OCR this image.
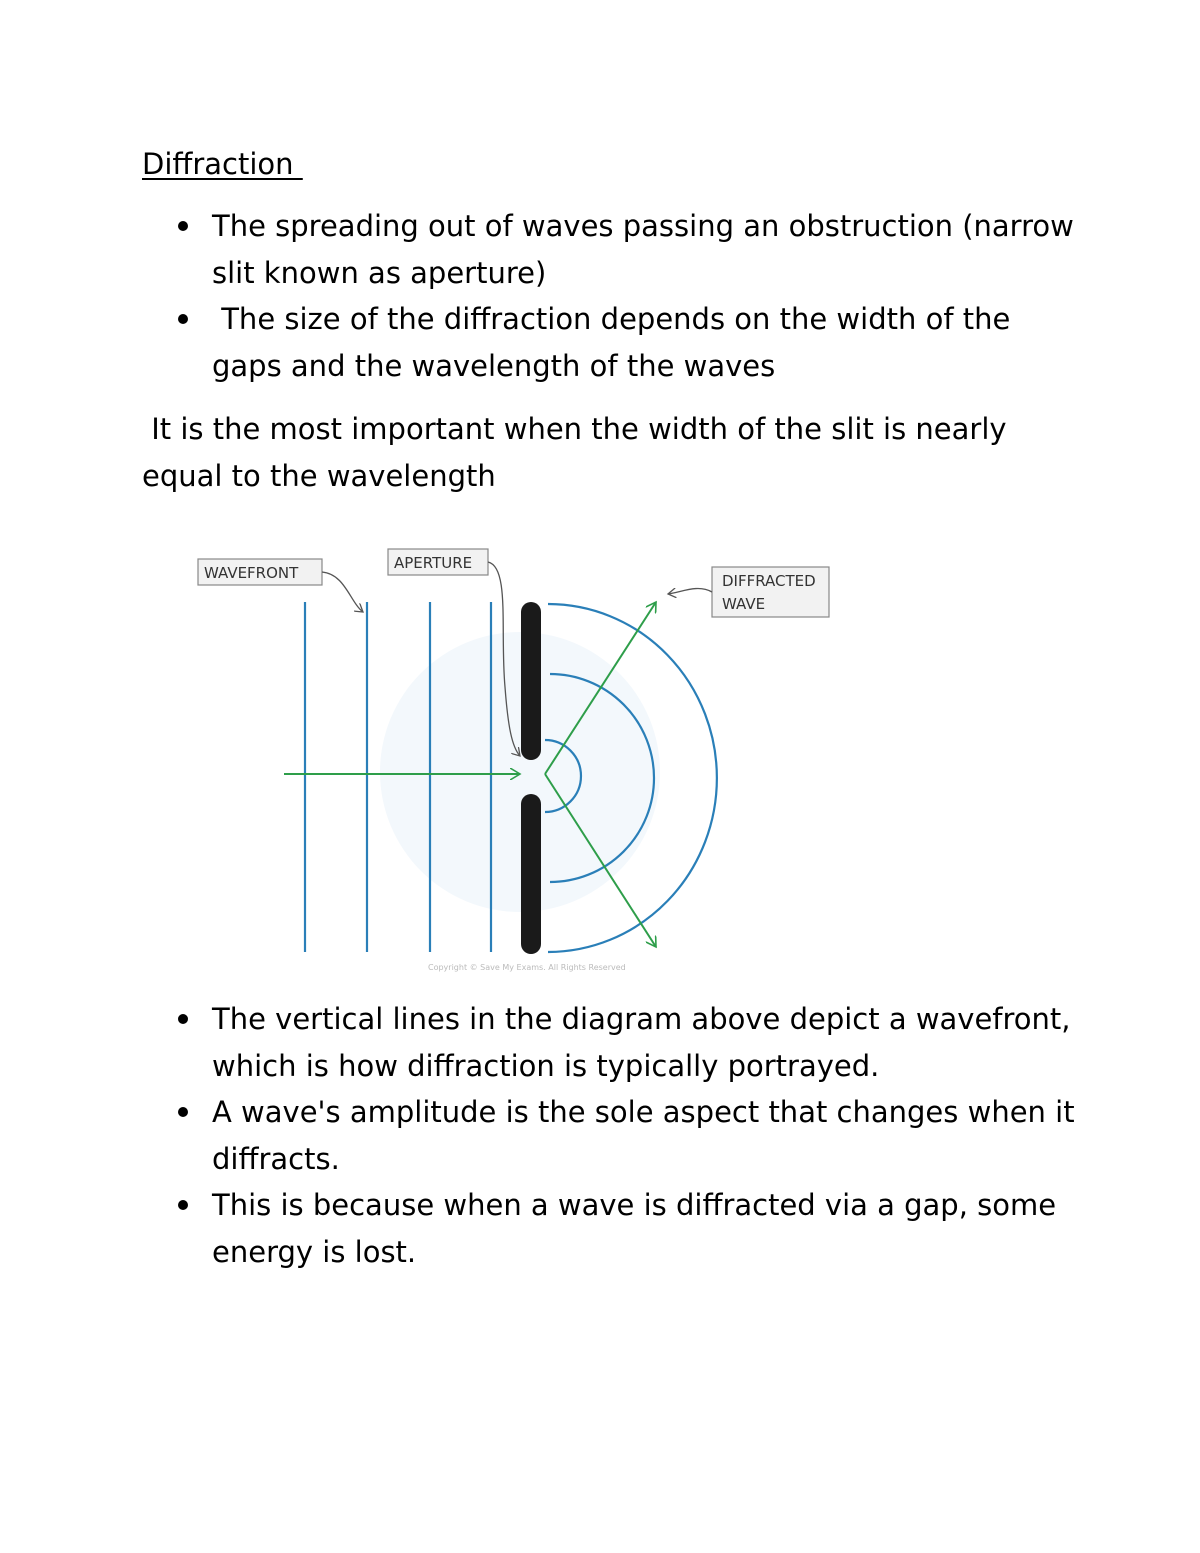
Diffraction
The spreading out of waves passing an obstruction (narrow slit known as aperture)
The size of the diffraction depends on the width of the gaps and the wavelength of the waves

It is the most important when the width of the slit is nearly equal to the wavelength

WAVEFRONT
APERTURE
DIFFRACTED
WAVE
Copyright © Save My Exams. All Rights Reserved
The vertical lines in the diagram above depict a wavefront, which is how diffraction is typically portrayed.
A wave's amplitude is the sole aspect that changes when it diffracts.
This is because when a wave is diffracted via a gap, some energy is lost.
